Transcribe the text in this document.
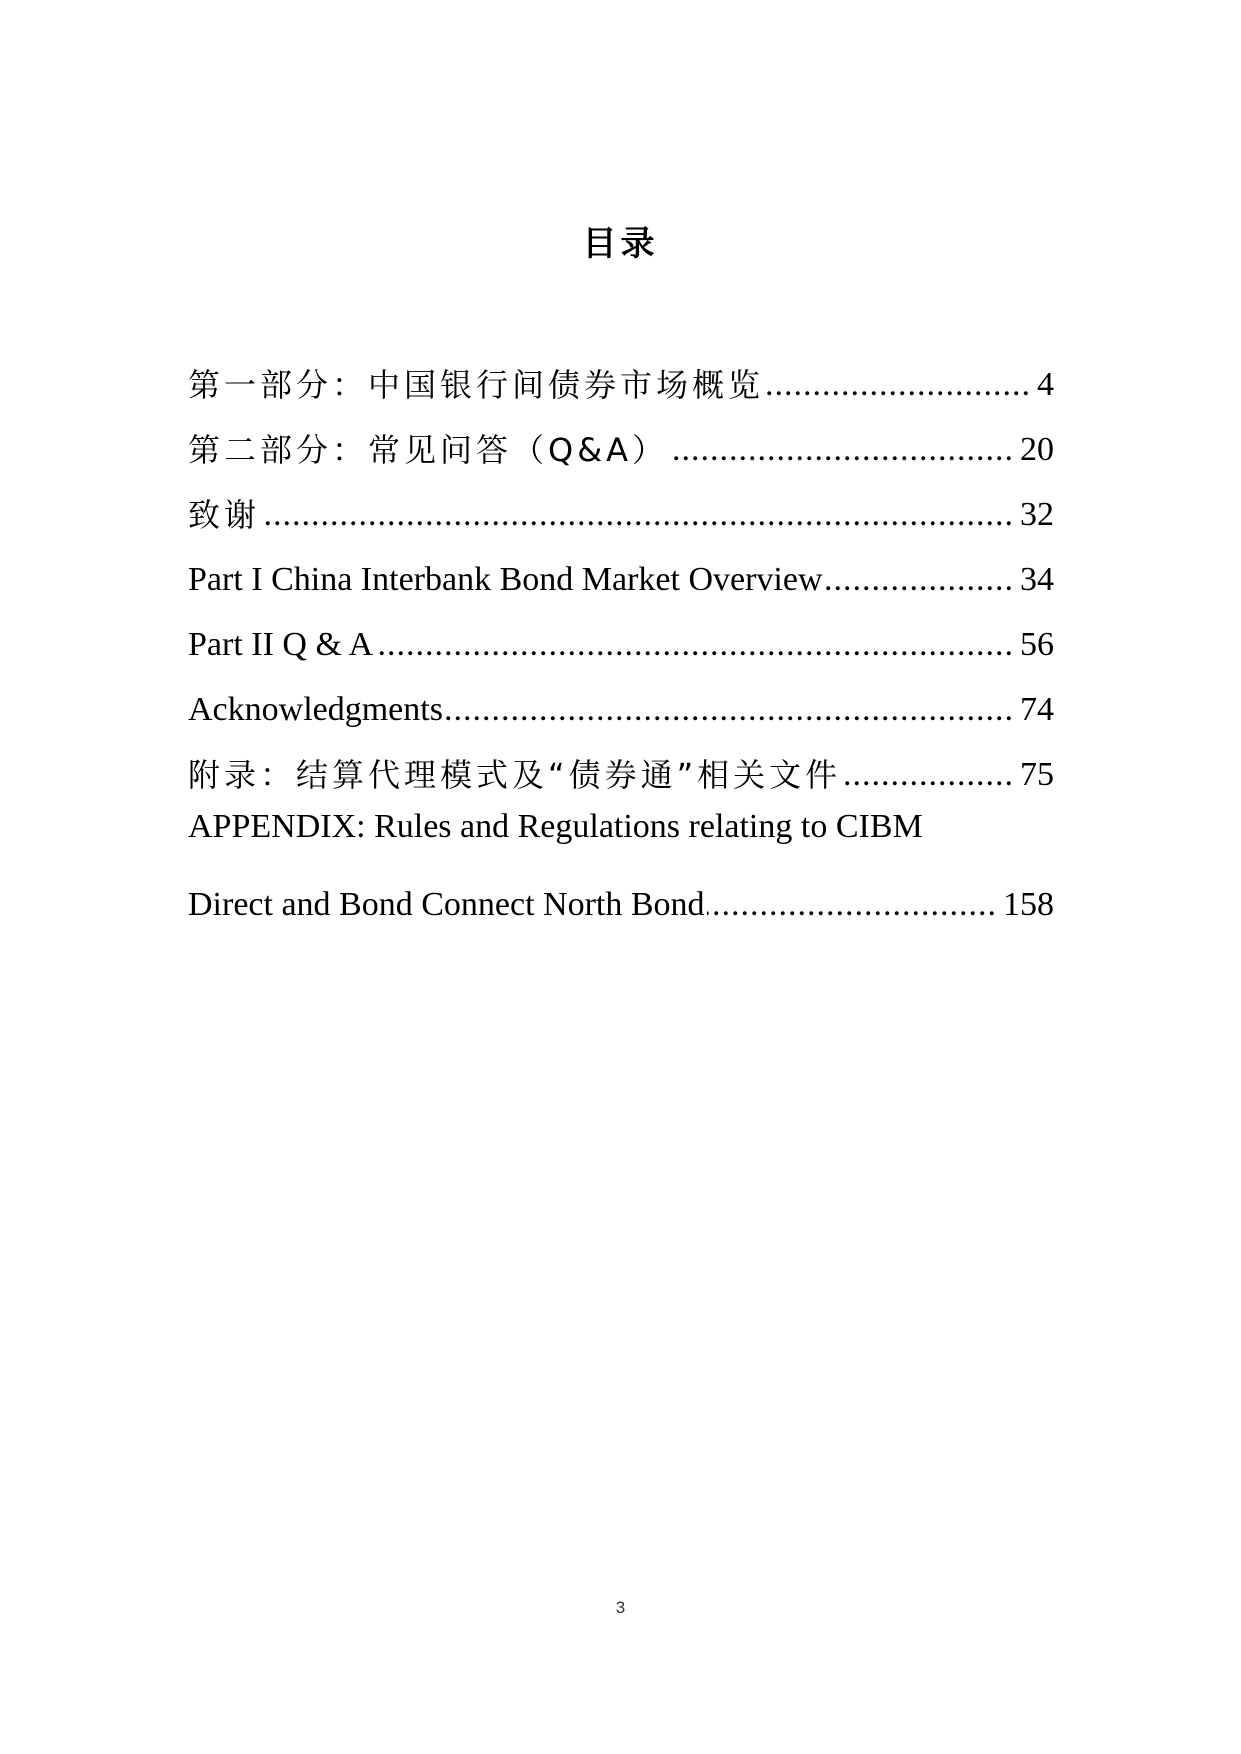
目录
第一部分：中国银行间债券市场概览 .....	4
第二部分：常见问答（Q&A） .....	20
致谢 .....	32
Part I China Interbank Bond Market Overview .....	34
Part II Q & A .....	56
Acknowledgments .....	74
附录：结算代理模式及“债券通”相关文件 .....	75
APPENDIX: Rules and Regulations relating to CIBM
Direct and Bond Connect North Bond .....	158
3
